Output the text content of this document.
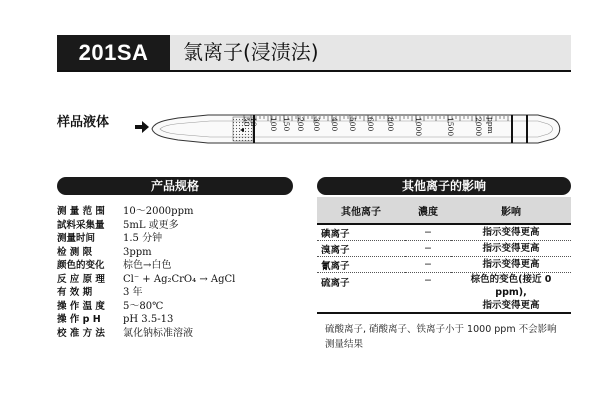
201SA	氯离子(浸渍法)
样品液体	50
10 100 150 200 300 400 500 600 800	1000	1500	2000 ppm
产品规格	其他离子的影响
测 量 范 围	10～2000ppm
試料采集量	5mL 或更多
测量时间	1.5 分钟
检 测 限	3ppm
颜色的变化	棕色→白色
反 应 原 理	Cl⁻ + Ag₂CrO₄ → AgCl
有 效 期	3 年
操 作 温 度	5～80℃
操 作 p H	pH 3.5-13
校 准 方 法	氯化钠标准溶液
其他离子	濃度	影响
碘离子	−	指示变得更高
溴离子	−	指示变得更高
氰离子	−	指示变得更高
硫离子	−	棕色的变色(接近 0 ppm),
指示变得更高
硫酸离子, 硝酸离子、铁离子小于 1000 ppm 不会影响
测量结果
